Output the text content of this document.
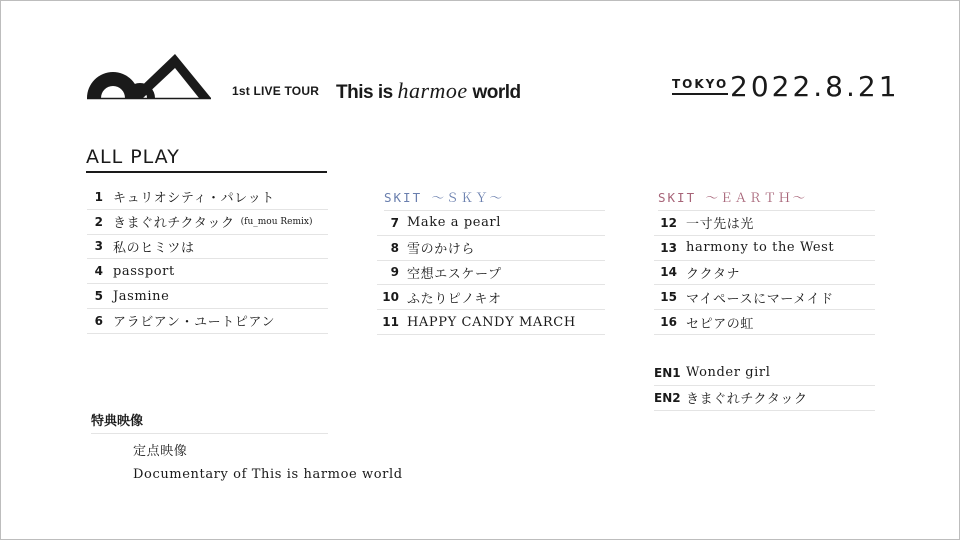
1st LIVE TOUR This is harmoe world	TOKYO 2022.8.21
ALL PLAY
1 キュリオシティ・パレット
2 きまぐれチクタック (fu_mou Remix)
3 私のヒミツは
4 passport
5 Jasmine
6 アラビアン・ユートピアン
SKIT ～ＳＫＹ～
7 Make a pearl
8 雪のかけら
9 空想エスケープ
10 ふたりピノキオ
11 HAPPY CANDY MARCH
SKIT ～ＥＡＲＴＨ～
12 一寸先は光
13 harmony to the West
14 ククタナ
15 マイペースにマーメイド
16 セピアの虹
EN1 Wonder girl
EN2 きまぐれチクタック
特典映像
定点映像
Documentary of This is harmoe world
